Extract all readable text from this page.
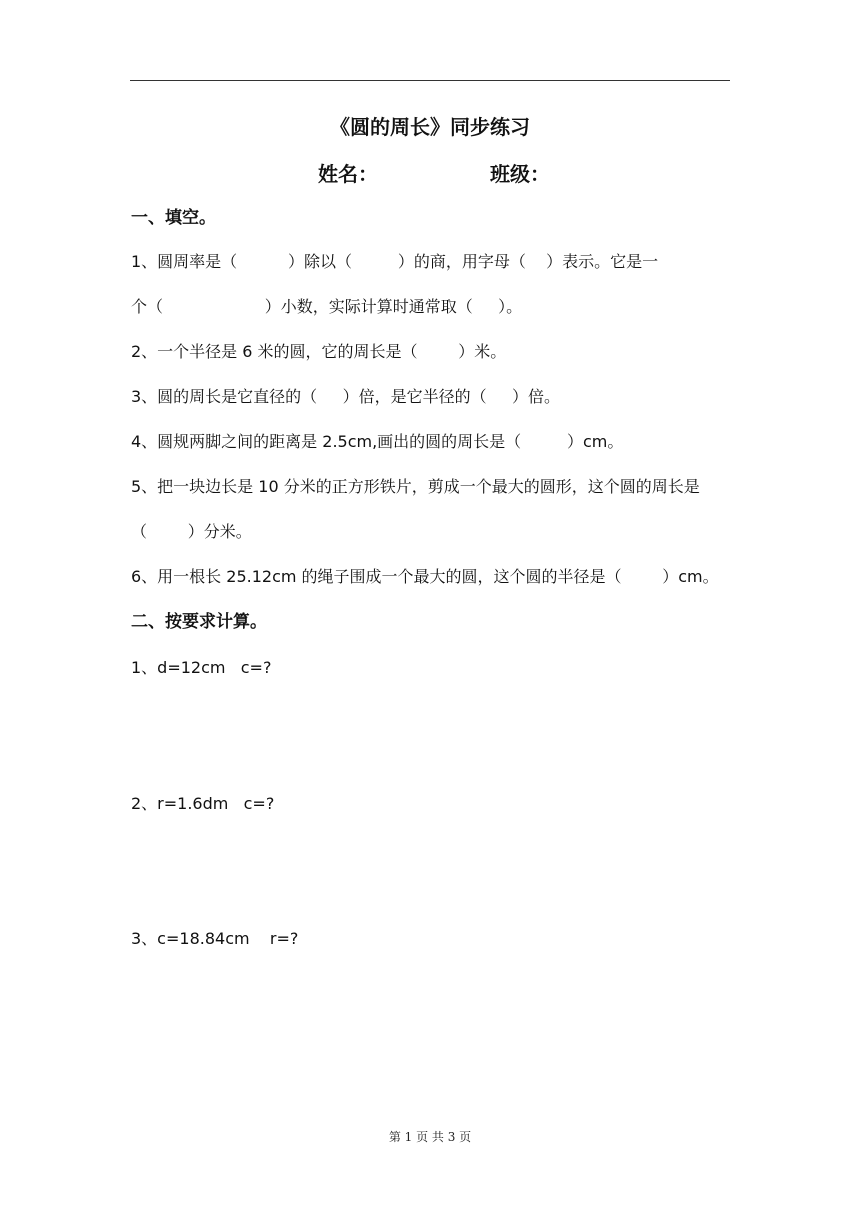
《圆的周长》同步练习
姓名：	班级：
一、填空。
1、圆周率是（          ）除以（         ）的商，用字母（    ）表示。它是一
个（                    ）小数，实际计算时通常取（     ）。
2、一个半径是 6 米的圆，它的周长是（        ）米。
3、圆的周长是它直径的（     ）倍，是它半径的（     ）倍。
4、圆规两脚之间的距离是 2.5cm,画出的圆的周长是（         ）cm。
5、把一块边长是 10 分米的正方形铁片，剪成一个最大的圆形，这个圆的周长是
（        ）分米。
6、用一根长 25.12cm 的绳子围成一个最大的圆，这个圆的半径是（        ）cm。
二、按要求计算。
1、d=12cm   c=?
2、r=1.6dm   c=?
3、c=18.84cm    r=?
第 1 页 共 3 页
